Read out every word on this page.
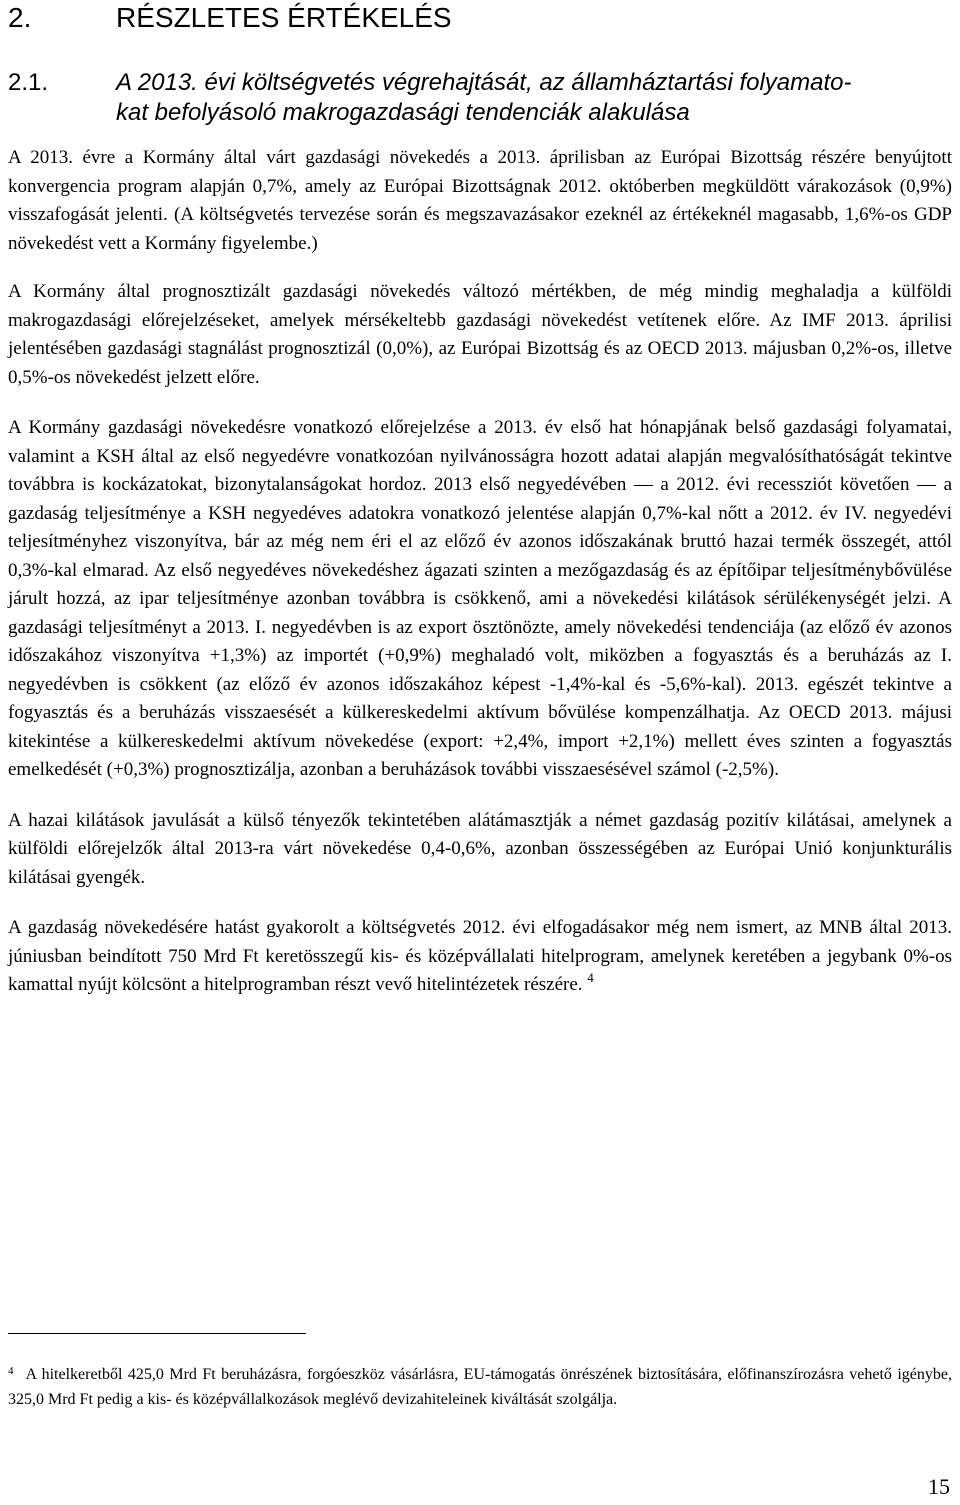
2.	RÉSZLETES ÉRTÉKELÉS
2.1.	A 2013. évi költségvetés végrehajtását, az államháztartási folyamato-
kat befolyásoló makrogazdasági tendenciák alakulása

A 2013. évre a Kormány által várt gazdasági növekedés a 2013. áprilisban az Európai Bizottság részére benyújtott konvergencia program alapján 0,7%, amely az Európai Bizottságnak 2012. októberben megküldött várakozások (0,9%) visszafogását jelenti. (A költségvetés tervezése során és megszavazásakor ezeknél az értékeknél magasabb, 1,6%-os GDP növekedést vett a Kormány figyelembe.)

A Kormány által prognosztizált gazdasági növekedés változó mértékben, de még mindig meghaladja a külföldi makrogazdasági előrejelzéseket, amelyek mérsékeltebb gazdasági növekedést vetítenek előre. Az IMF 2013. áprilisi jelentésében gazdasági stagnálást prognosztizál (0,0%), az Európai Bizottság és az OECD 2013. májusban 0,2%-os, illetve 0,5%-os növekedést jelzett előre.

A Kormány gazdasági növekedésre vonatkozó előrejelzése a 2013. év első hat hónapjának belső gazdasági folyamatai, valamint a KSH által az első negyedévre vonatkozóan nyilvánosságra hozott adatai alapján megvalósíthatóságát tekintve továbbra is kockázatokat, bizonytalanságokat hordoz. 2013 első negyedévében — a 2012. évi recessziót követően — a gazdaság teljesítménye a KSH negyedéves adatokra vonatkozó jelentése alapján 0,7%-kal nőtt a 2012. év IV. negyedévi teljesítményhez viszonyítva, bár az még nem éri el az előző év azonos időszakának bruttó hazai termék összegét, attól 0,3%-kal elmarad. Az első negyedéves növekedéshez ágazati szinten a mezőgazdaság és az építőipar teljesítménybővülése járult hozzá, az ipar teljesítménye azonban továbbra is csökkenő, ami a növekedési kilátások sérülékenységét jelzi. A gazdasági teljesítményt a 2013. I. negyedévben is az export ösztönözte, amely növekedési tendenciája (az előző év azonos időszakához viszonyítva +1,3%) az importét (+0,9%) meghaladó volt, miközben a fogyasztás és a beruházás az I. negyedévben is csökkent (az előző év azonos időszakához képest -1,4%-kal és -5,6%-kal). 2013. egészét tekintve a fogyasztás és a beruházás visszaesését a külkereskedelmi aktívum bővülése kompenzálhatja. Az OECD 2013. májusi kitekintése a külkereskedelmi aktívum növekedése (export: +2,4%, import +2,1%) mellett éves szinten a fogyasztás emelkedését (+0,3%) prognosztizálja, azonban a beruházások további visszaesésével számol (-2,5%).

A hazai kilátások javulását a külső tényezők tekintetében alátámasztják a német gazdaság pozitív kilátásai, amelynek a külföldi előrejelzők által 2013-ra várt növekedése 0,4-0,6%, azonban összességében az Európai Unió konjunkturális kilátásai gyengék.

A gazdaság növekedésére hatást gyakorolt a költségvetés 2012. évi elfogadásakor még nem ismert, az MNB által 2013. júniusban beindított 750 Mrd Ft keretösszegű kis- és középvállalati hitelprogram, amelynek keretében a jegybank 0%-os kamattal nyújt kölcsönt a hitelprogramban részt vevő hitelintézetek részére. $^4$

$^4$ A hitelkeretből 425,0 Mrd Ft beruházásra, forgóeszköz vásárlásra, EU-támogatás önrészének biztosítására, előfinanszírozásra vehető igénybe, 325,0 Mrd Ft pedig a kis- és középvállalkozások meglévő devizahiteleinek kiváltását szolgálja.
15
